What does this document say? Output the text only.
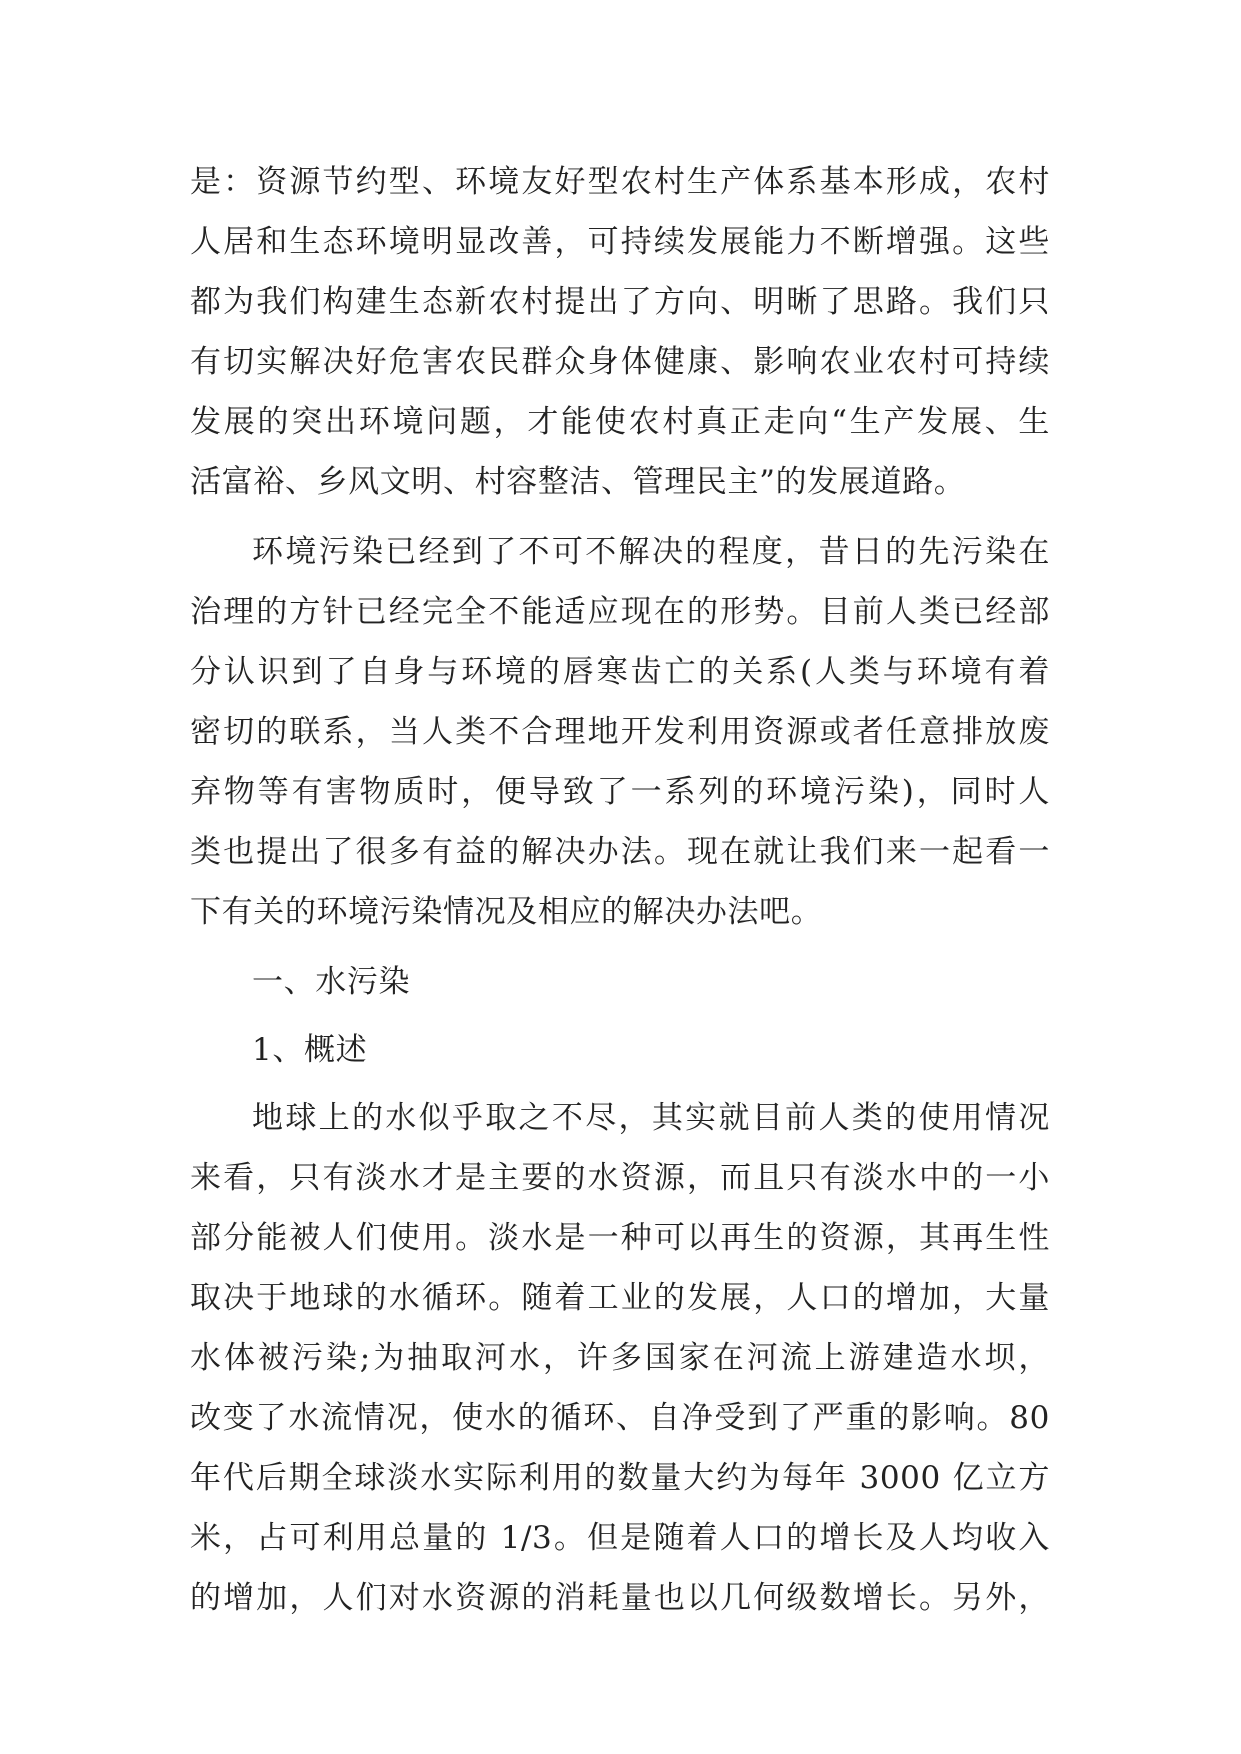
是：资源节约型、环境友好型农村生产体系基本形成，农村
人居和生态环境明显改善，可持续发展能力不断增强。这些
都为我们构建生态新农村提出了方向、明晰了思路。我们只
有切实解决好危害农民群众身体健康、影响农业农村可持续
发展的突出环境问题，才能使农村真正走向“生产发展、生
活富裕、乡风文明、村容整洁、管理民主”的发展道路。
环境污染已经到了不可不解决的程度，昔日的先污染在
治理的方针已经完全不能适应现在的形势。目前人类已经部
分认识到了自身与环境的唇寒齿亡的关系(人类与环境有着
密切的联系，当人类不合理地开发利用资源或者任意排放废
弃物等有害物质时，便导致了一系列的环境污染)，同时人
类也提出了很多有益的解决办法。现在就让我们来一起看一
下有关的环境污染情况及相应的解决办法吧。
一、水污染
1、概述
地球上的水似乎取之不尽，其实就目前人类的使用情况
来看，只有淡水才是主要的水资源，而且只有淡水中的一小
部分能被人们使用。淡水是一种可以再生的资源，其再生性
取决于地球的水循环。随着工业的发展，人口的增加，大量
水体被污染;为抽取河水，许多国家在河流上游建造水坝，
改变了水流情况，使水的循环、自净受到了严重的影响。80
年代后期全球淡水实际利用的数量大约为每年 3000 亿立方
米，占可利用总量的 1/3。但是随着人口的增长及人均收入
的增加，人们对水资源的消耗量也以几何级数增长。另外，
